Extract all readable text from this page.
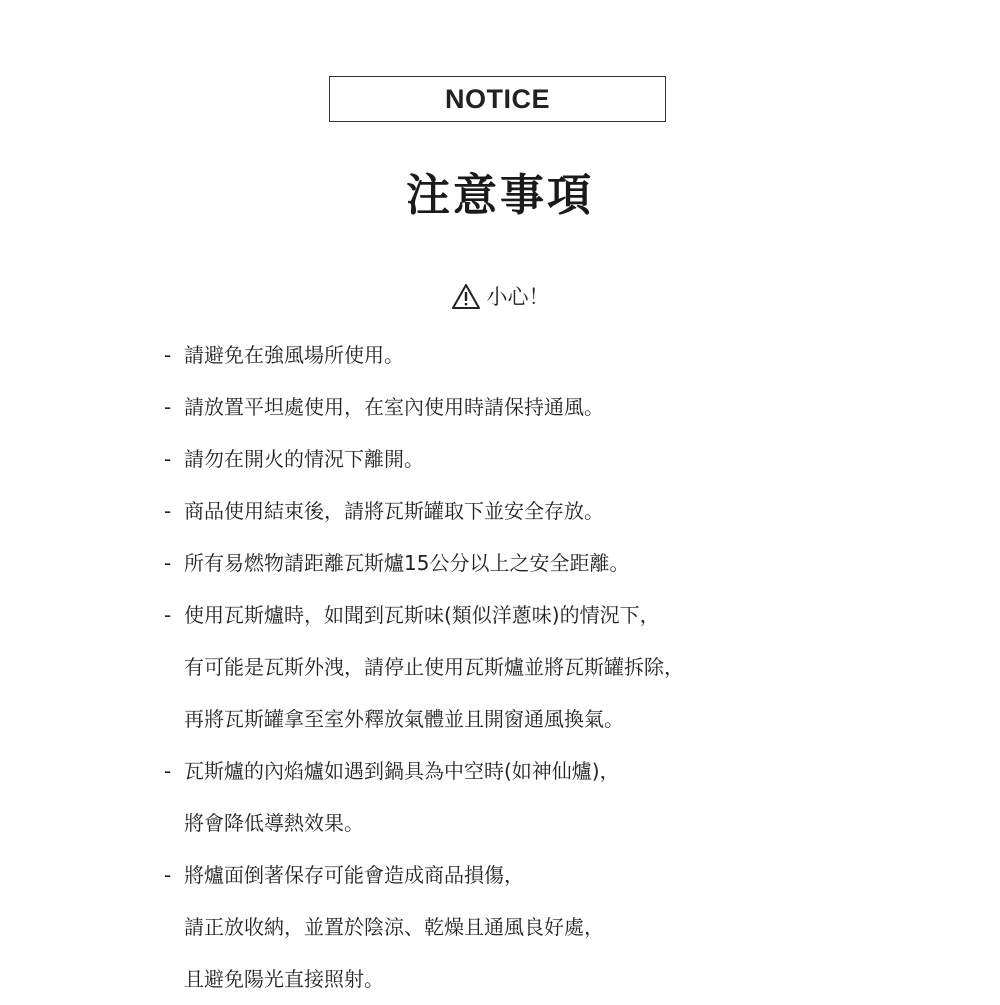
NOTICE
注意事項
小心！
- 請避免在強風場所使用。
- 請放置平坦處使用，在室內使用時請保持通風。
- 請勿在開火的情況下離開。
- 商品使用結束後，請將瓦斯罐取下並安全存放。
- 所有易燃物請距離瓦斯爐15公分以上之安全距離。
- 使用瓦斯爐時，如聞到瓦斯味(類似洋蔥味)的情況下，
有可能是瓦斯外洩，請停止使用瓦斯爐並將瓦斯罐拆除，
再將瓦斯罐拿至室外釋放氣體並且開窗通風換氣。
- 瓦斯爐的內焰爐如遇到鍋具為中空時(如神仙爐)，
將會降低導熱效果。
- 將爐面倒著保存可能會造成商品損傷，
請正放收納，並置於陰涼、乾燥且通風良好處，
且避免陽光直接照射。
